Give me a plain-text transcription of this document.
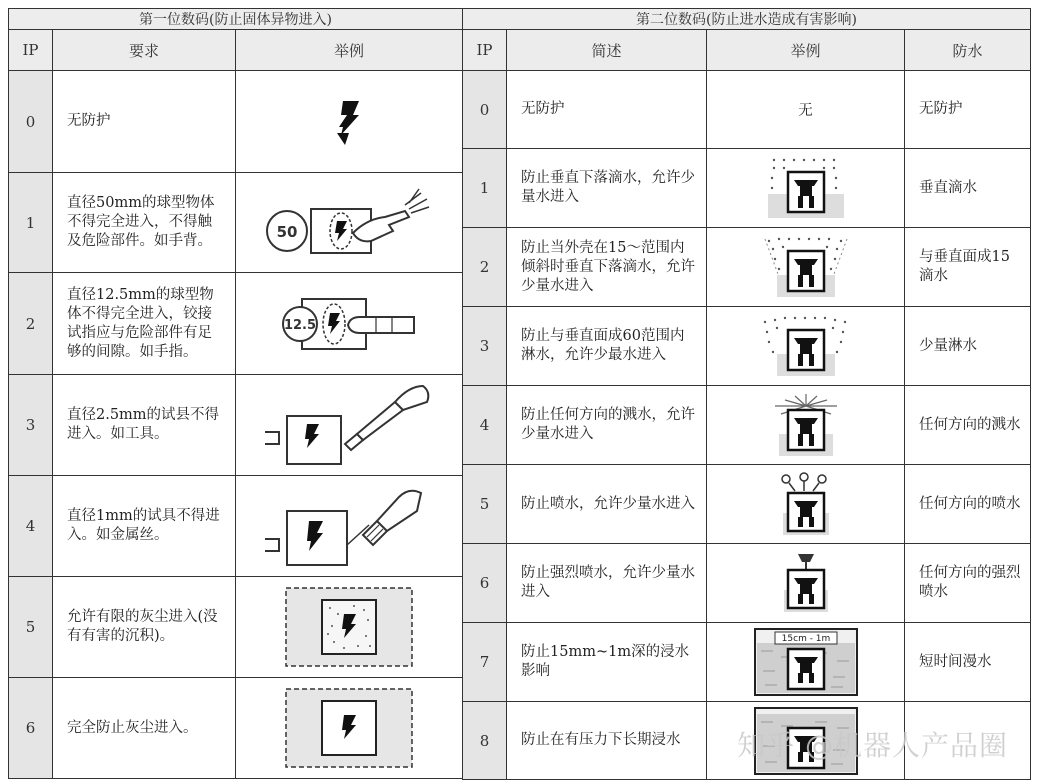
第一位数码(防止固体异物进入)		
IP	要求	举例
0	无防护	

1	直径50mm的球型物体不得完全进入，不得触及危险部件。如手背。	50

2	直径12.5mm的球型物体不得完全进入，铰接试指应与危险部件有足够的间隙。如手指。	12.5

3	直径2.5mm的试县不得进入。如工具。	

4	直径1mm的试具不得进入。如金属丝。	

5	允许有限的灰尘进入(没有有害的沉积)。	

6	完全防止灰尘进入。	
第二位数码(防止进水造成有害影响)			
IP	简述	举例	防水
0	无防护	无	无防护
1	防止垂直下落滴水，允许少量水进入		垂直滴水
2	防止当外壳在15～范围内倾斜时垂直下落滴水，允许少量水进入		与垂直面成15　滴水
3	防止与垂直面成60范围内淋水，允许少最水进入		少量淋水
4	防止任何方向的溅水，允许少量水进入		任何方向的溅水
5	防止喷水，允许少量水进入		任何方向的喷水
6	防止强烈喷水，允许少量水进入		任何方向的强烈喷水
7	防止15mm~1m深的浸水影响	15cm - 1m	短时间漫水
8	防止在有压力下长期浸水	
	知乎 @机器人产品圈
